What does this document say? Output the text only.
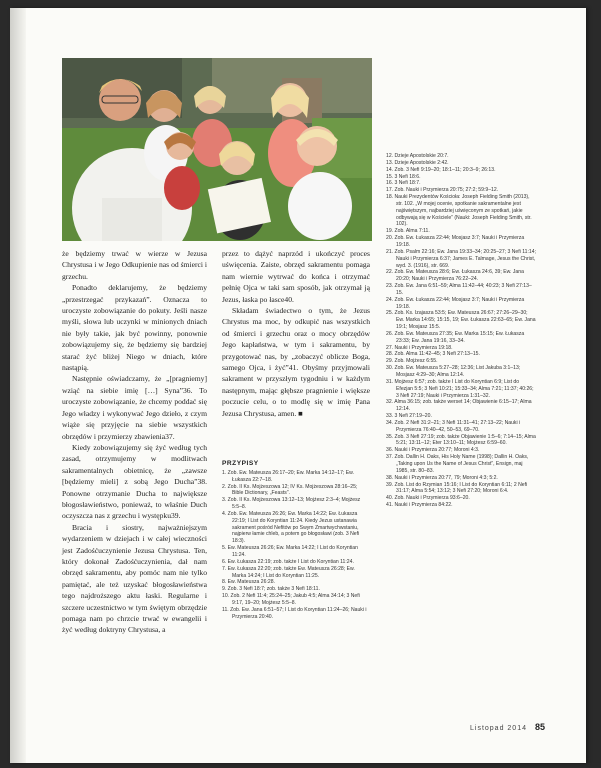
że będziemy trwać w wierze w Jezusa Chrystusa i w Jego Odkupienie nas od śmierci i grzechu.

Ponadto deklarujemy, że będziemy „przestrzegać przykazań”. Oznacza to uroczyste zobowiązanie do pokuty. Jeśli nasze myśli, słowa lub uczynki w minionych dniach nie były takie, jak być powinny, ponownie zobowiązujemy się, że będziemy się bardziej starać żyć bliżej Niego w dniach, które nastąpią.

Następnie oświadczamy, że „[pragniemy] wziąć na siebie imię […] Syna”36. To uroczyste zobowiązanie, że chcemy poddać się Jego władzy i wykonywać Jego dzieło, z czym wiąże się przyjęcie na siebie wszystkich obrzędów i przymierzy zbawienia37.

Kiedy zobowiązujemy się żyć według tych zasad, otrzymujemy w modlitwach sakramentalnych obietnicę, że „zawsze [będziemy mieli] z sobą Jego Ducha”38. Ponowne otrzymanie Ducha to największe błogosławieństwo, ponieważ, to właśnie Duch oczyszcza nas z grzechu i występku39.

Bracia i siostry, najważniejszym wydarzeniem w dziejach i w całej wieczności jest Zadośćuczynienie Jezusa Chrystusa. Ten, który dokonał Zadośćuczynienia, dał nam obrzęd sakramentu, aby pomóc nam nie tylko pamiętać, ale też uzyskać błogosławieństwa tego najdroższego aktu łaski. Regularne i szczere uczestnictwo w tym świętym obrzędzie pomaga nam po chrzcie trwać w ewangelii i żyć według doktryny Chrystusa, a

przez to dążyć naprzód i ukończyć proces uświęcenia. Zaiste, obrzęd sakramentu pomaga nam wiernie wytrwać do końca i otrzymać pełnię Ojca w taki sam sposób, jak otrzymał ją Jezus, łaska po łasce40.

Składam świadectwo o tym, że Jezus Chrystus ma moc, by odkupić nas wszystkich od śmierci i grzechu oraz o mocy obrzędów Jego kapłaństwa, w tym i sakramentu, by przygotować nas, by „zobaczyć oblicze Boga, samego Ojca, i żyć”41. Obyśmy przyjmowali sakrament w przyszłym tygodniu i w każdym następnym, mając głębsze pragnienie i większe poczucie celu, o to modlę się w imię Pana Jezusa Chrystusa, amen. ■

PRZYPISY
1. Zob. Ew. Mateusza 26:17–20; Ew. Marka 14:12–17; Ew. Łukasza 22:7–18.
2. Zob. II Ks. Mojżeszowa 12; IV Ks. Mojżeszowa 28:16–25; Bible Dictionary, „Feasts”.
3. Zob. II Ks. Mojżeszowa 13:12–13; Mojżesz 2:3–4; Mojżesz 5:5–8.
4. Zob. Ew. Mateusza 26:26; Ew. Marka 14:22; Ew. Łukasza 22:19; I List do Koryntian 11:24. Kiedy Jezus ustanawia sakrament pośród Nefitów po Swym Zmartwychwstaniu, najpierw łamie chleb, a potem go błogosławi (zob. 3 Nefi 18:3).
5. Ew. Mateusza 26:26; Ew. Marka 14:22; I List do Koryntian 11:24.
6. Ew. Łukasza 22:19; zob. także I List do Koryntian 11:24.
7. Ew. Łukasza 22:20; zob. także Ew. Mateusza 26:28; Ew. Marka 14:24; I List do Koryntian 11:25.
8. Ew. Mateusza 26:28.
9. Zob. 3 Nefi 18:7; zob. także 3 Nefi 18:11.
10. Zob. 2 Nefi 11:4; 25:24–25; Jakub 4:5; Alma 34:14; 3 Nefi 9:17, 19–20; Mojżesz 5:5–8.
11. Zob. Ew. Jana 6:51–57; I List do Koryntian 11:24–26; Nauki i Przymierza 20:40.
12. Dzieje Apostolskie 20:7.
13. Dzieje Apostolskie 2:42.
14. Zob. 3 Nefi 9:19–20; 18:1–11; 20:3–9; 26:13.
15. 3 Nefi 18:6.
16. 3 Nefi 18:7.
17. Zob. Nauki i Przymierza 20:75; 27:2; 59:9–12.
18. Nauki Prezydentów Kościoła: Joseph Fielding Smith (2013), str. 102. „W mojej ocenie, spotkanie sakramentalne jest najświętszym, najbardziej uświęconym ze spotkań, jakie odbywają się w Kościele” (Nauki: Joseph Fielding Smith, str. 102).
19. Zob. Alma 7:11.
20. Zob. Ew. Łukasza 22:44; Mosjasz 3:7; Nauki i Przymierza 19:18.
21. Zob. Psalm 22:16; Ew. Jana 19:33–34; 20:25–27; 3 Nefi 11:14; Nauki i Przymierza 6:37; James E. Talmage, Jesus the Christ, wyd. 3. (1916), str. 669.
22. Zob. Ew. Mateusza 28:6; Ew. Łukasza 24:6, 39; Ew. Jana 20:20; Nauki i Przymierza 76:22–24.
23. Zob. Ew. Jana 6:51–59; Alma 11:42–44; 40:23; 3 Nefi 27:13–15.
24. Zob. Ew. Łukasza 22:44; Mosjasz 3:7; Nauki i Przymierza 19:18.
25. Zob. Ks. Izajasza 53:5; Ew. Mateusza 26:67; 27:26–29–30; Ew. Marka 14:65; 15:15, 19; Ew. Łukasza 22:63–65; Ew. Jana 19:1; Mosjasz 15:5.
26. Zob. Ew. Mateusza 27:35; Ew. Marka 15:15; Ew. Łukasza 23:33; Ew. Jana 19:16, 33–34.
27. Nauki i Przymierza 19:18.
28. Zob. Alma 11:42–45; 3 Nefi 27:13–15.
29. Zob. Mojżesz 6:55.
30. Zob. Ew. Mateusza 5:27–28; 12:36; List Jakuba 3:1–13; Mosjasz 4:29–30; Alma 12:14.
31. Mojżesz 6:57; zob. także I List do Koryntian 6:9; List do Efezjan 5:5; 3 Nefi 10:21; 15:33–34; Alma 7:21; 11:37; 40:26; 3 Nefi 27:19; Nauki i Przymierza 1:31–32.
32. Alma 36:15; zob. także werset 14; Objawienie 6:15–17; Alma 12:14.
33. 3 Nefi 27:19–20.
34. Zob. 2 Nefi 31:2–21; 3 Nefi 11:31–41; 27:13–22; Nauki i Przymierza 76:40–42, 50–53, 69–70.
35. Zob. 3 Nefi 27:19; zob. także Objawienie 1:5–6; 7:14–15; Alma 5:21; 13:11–12; Eter 13:10–11; Mojżesz 6:59–60.
36. Nauki i Przymierza 20:77; Moroni 4:3.
37. Zob. Dallin H. Oaks, His Holy Name (1998); Dallin H. Oaks, „Taking upon Us the Name of Jesus Christ”, Ensign, maj 1985, str. 80–83.
38. Nauki i Przymierza 20:77, 79; Moroni 4:3; 5:2.
39. Zob. List do Rzymian 15:16; I List do Koryntian 6:11; 2 Nefi 31:17; Alma 5:54; 13:12; 3 Nefi 27:20; Moroni 6:4.
40. Zob. Nauki i Przymierza 93:6–20.
41. Nauki i Przymierza 84:22.
Listopad 2014 85
